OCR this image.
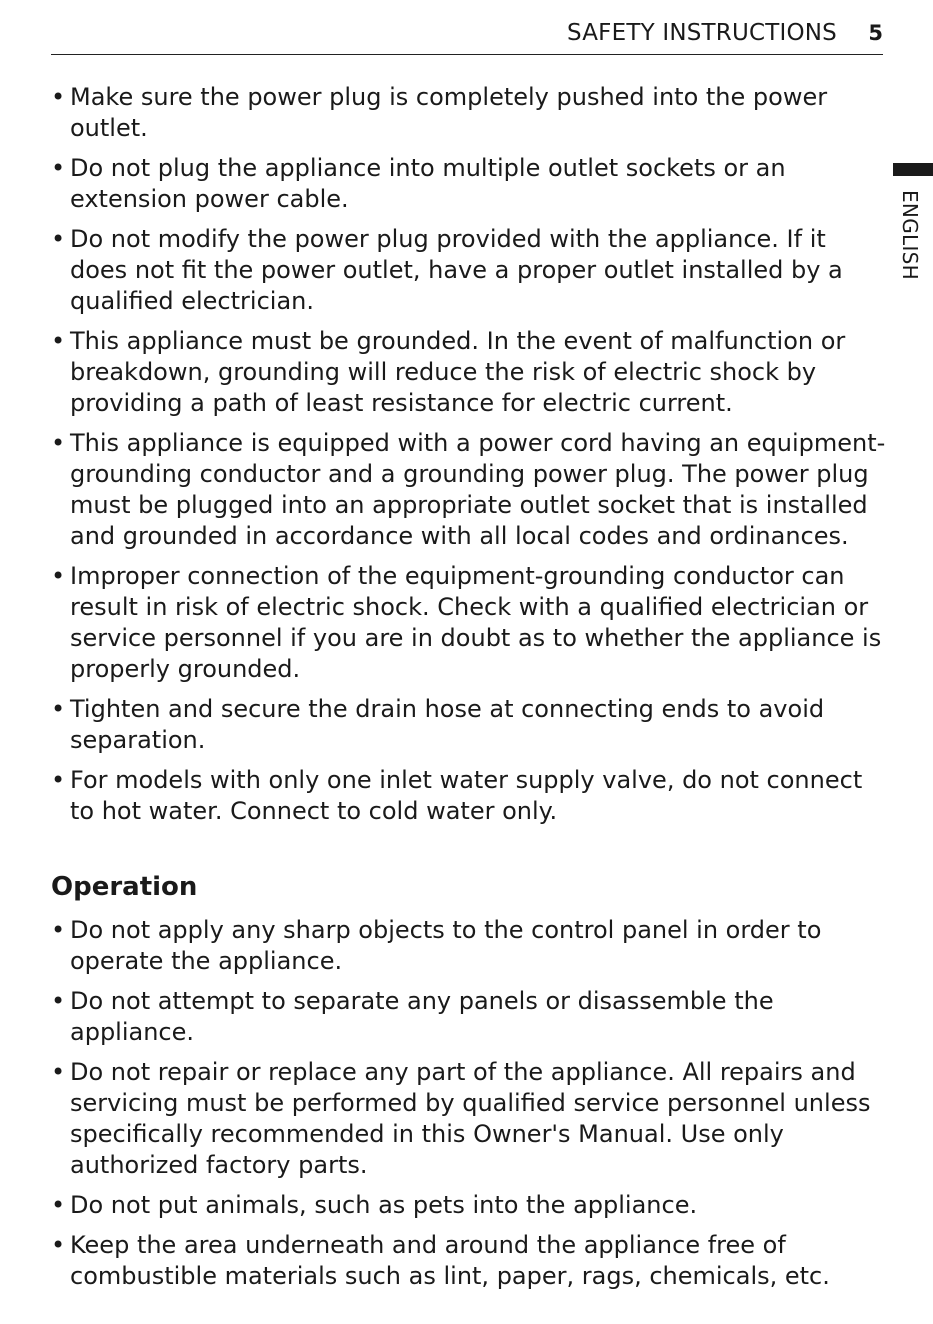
SAFETY INSTRUCTIONS 5
ENGLISH
• Make sure the power plug is completely pushed into the power outlet.
• Do not plug the appliance into multiple outlet sockets or an extension power cable.
• Do not modify the power plug provided with the appliance. If it does not fit the power outlet, have a proper outlet installed by a qualified electrician.
• This appliance must be grounded. In the event of malfunction or breakdown, grounding will reduce the risk of electric shock by providing a path of least resistance for electric current.
• This appliance is equipped with a power cord having an equipment-grounding conductor and a grounding power plug. The power plug must be plugged into an appropriate outlet socket that is installed and grounded in accordance with all local codes and ordinances.
• Improper connection of the equipment-grounding conductor can result in risk of electric shock. Check with a qualified electrician or service personnel if you are in doubt as to whether the appliance is properly grounded.
• Tighten and secure the drain hose at connecting ends to avoid separation.
• For models with only one inlet water supply valve, do not connect to hot water. Connect to cold water only.
Operation
• Do not apply any sharp objects to the control panel in order to operate the appliance.
• Do not attempt to separate any panels or disassemble the appliance.
• Do not repair or replace any part of the appliance. All repairs and servicing must be performed by qualified service personnel unless specifically recommended in this Owner's Manual. Use only authorized factory parts.
• Do not put animals, such as pets into the appliance.
• Keep the area underneath and around the appliance free of combustible materials such as lint, paper, rags, chemicals, etc.
